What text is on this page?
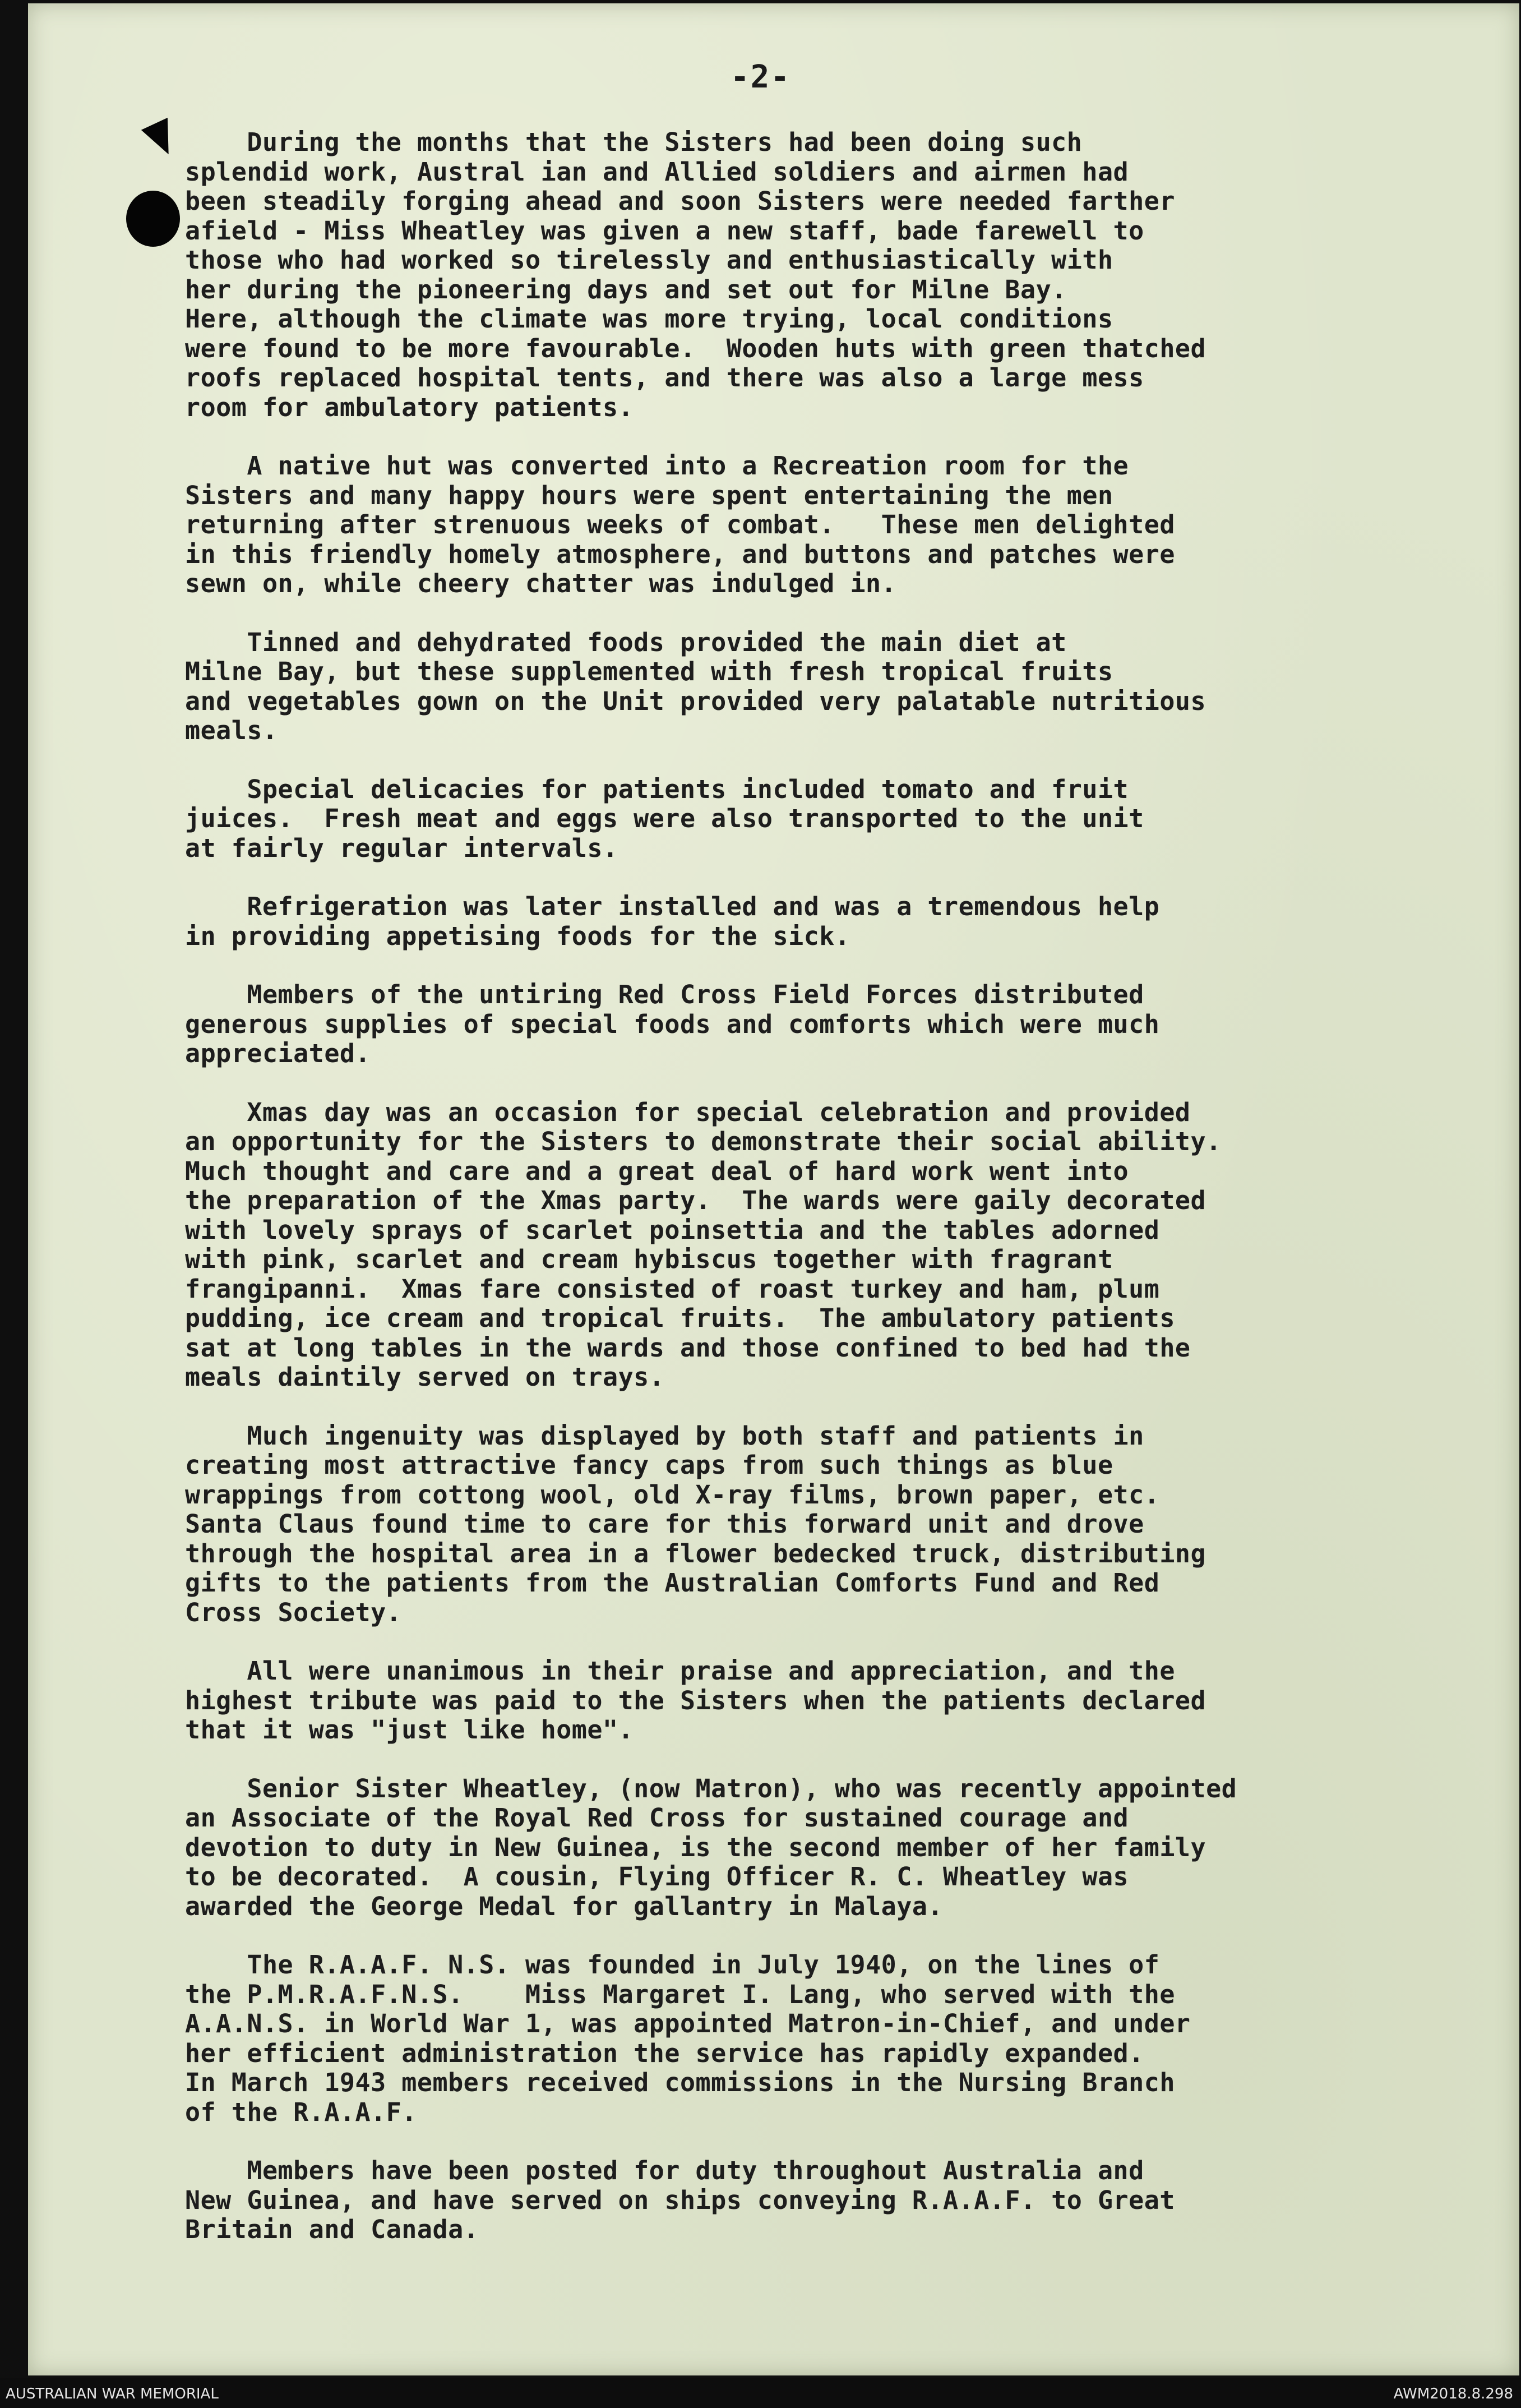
-2-
During the months that the Sisters had been doing such
splendid work, Austral ian and Allied soldiers and airmen had
been steadily forging ahead and soon Sisters were needed farther
afield - Miss Wheatley was given a new staff, bade farewell to
those who had worked so tirelessly and enthusiastically with
her during the pioneering days and set out for Milne Bay.
Here, although the climate was more trying, local conditions
were found to be more favourable.  Wooden huts with green thatched
roofs replaced hospital tents, and there was also a large mess
room for ambulatory patients.
A native hut was converted into a Recreation room for the
Sisters and many happy hours were spent entertaining the men
returning after strenuous weeks of combat.   These men delighted
in this friendly homely atmosphere, and buttons and patches were
sewn on, while cheery chatter was indulged in.
Tinned and dehydrated foods provided the main diet at
Milne Bay, but these supplemented with fresh tropical fruits
and vegetables gown on the Unit provided very palatable nutritious
meals.
Special delicacies for patients included tomato and fruit
juices.  Fresh meat and eggs were also transported to the unit
at fairly regular intervals.
Refrigeration was later installed and was a tremendous help
in providing appetising foods for the sick.
Members of the untiring Red Cross Field Forces distributed
generous supplies of special foods and comforts which were much
appreciated.
Xmas day was an occasion for special celebration and provided
an opportunity for the Sisters to demonstrate their social ability.
Much thought and care and a great deal of hard work went into
the preparation of the Xmas party.  The wards were gaily decorated
with lovely sprays of scarlet poinsettia and the tables adorned
with pink, scarlet and cream hybiscus together with fragrant
frangipanni.  Xmas fare consisted of roast turkey and ham, plum
pudding, ice cream and tropical fruits.  The ambulatory patients
sat at long tables in the wards and those confined to bed had the
meals daintily served on trays.
Much ingenuity was displayed by both staff and patients in
creating most attractive fancy caps from such things as blue
wrappings from cottong wool, old X-ray films, brown paper, etc.
Santa Claus found time to care for this forward unit and drove
through the hospital area in a flower bedecked truck, distributing
gifts to the patients from the Australian Comforts Fund and Red
Cross Society.
All were unanimous in their praise and appreciation, and the
highest tribute was paid to the Sisters when the patients declared
that it was "just like home".
Senior Sister Wheatley, (now Matron), who was recently appointed
an Associate of the Royal Red Cross for sustained courage and
devotion to duty in New Guinea, is the second member of her family
to be decorated.  A cousin, Flying Officer R. C. Wheatley was
awarded the George Medal for gallantry in Malaya.
The R.A.A.F. N.S. was founded in July 1940, on the lines of
the P.M.R.A.F.N.S.    Miss Margaret I. Lang, who served with the
A.A.N.S. in World War 1, was appointed Matron-in-Chief, and under
her efficient administration the service has rapidly expanded.
In March 1943 members received commissions in the Nursing Branch
of the R.A.A.F.
Members have been posted for duty throughout Australia and
New Guinea, and have served on ships conveying R.A.A.F. to Great
Britain and Canada.
AUSTRALIAN WAR MEMORIAL	AWM2018.8.298
